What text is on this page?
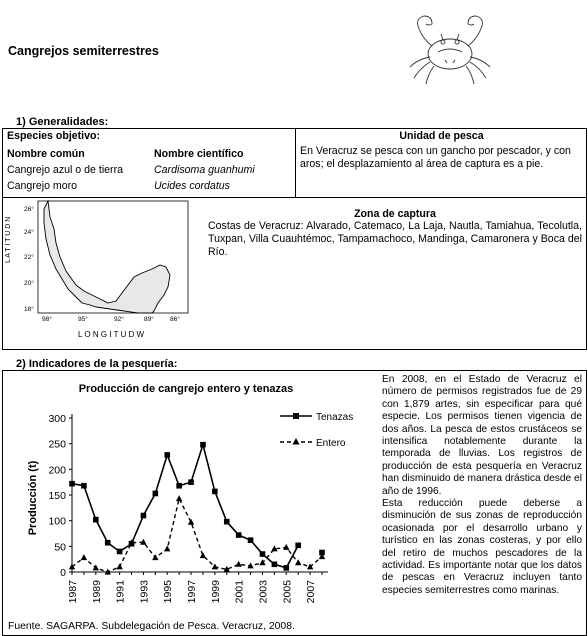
Cangrejos semiterrestres
1) Generalidades:
Especies objetivo:
Nombre común	Nombre científico
Cangrejo azul o de tierra	Cardisoma guanhumi
Cangrejo moro	Ucides cordatus
Unidad de pesca
En Veracruz se pesca con un gancho por pescador, y con aros; el desplazamiento al área de captura es a pie.
L A T I T U D N
26°
24°
22°
20°
18°
98°	95°	92°	89° 86°
L O N G I T U D W
Zona de captura
Costas de Veracruz: Alvarado, Catemaco, La Laja, Nautla, Tamiahua, Tecolutla, Tuxpan, Villa Cuauhtémoc, Tampamachoco, Mandinga, Camaronera y Boca del Río.
2) Indicadores de la pesquería:
Producción de cangrejo entero y tenazas
Producción (t)
0
50
100
150
200
250
300
1987 1989 1991 1993 1995 1997 1999 2001 2003 2005 2007
Tenazas
Entero
En 2008, en el Estado de Veracruz el número de permisos registrados fue de 29 con 1,879 artes, sin especificar para qué especie. Los permisos tienen vigencia de dos años. La pesca de estos crustáceos se intensifica notablemente durante la temporada de lluvias. Los registros de producción de esta pesquería en Veracruz han disminuido de manera drástica desde el año de 1996.
Esta reducción puede deberse a disminución de sus zonas de reproducción ocasionada por el desarrollo urbano y turístico en las zonas costeras, y por ello del retiro de muchos pescadores de la actividad. Es importante notar que los datos de pescas en Veracruz incluyen tanto especies semiterrestres como marinas.
Fuente. SAGARPA. Subdelegación de Pesca. Veracruz, 2008.
